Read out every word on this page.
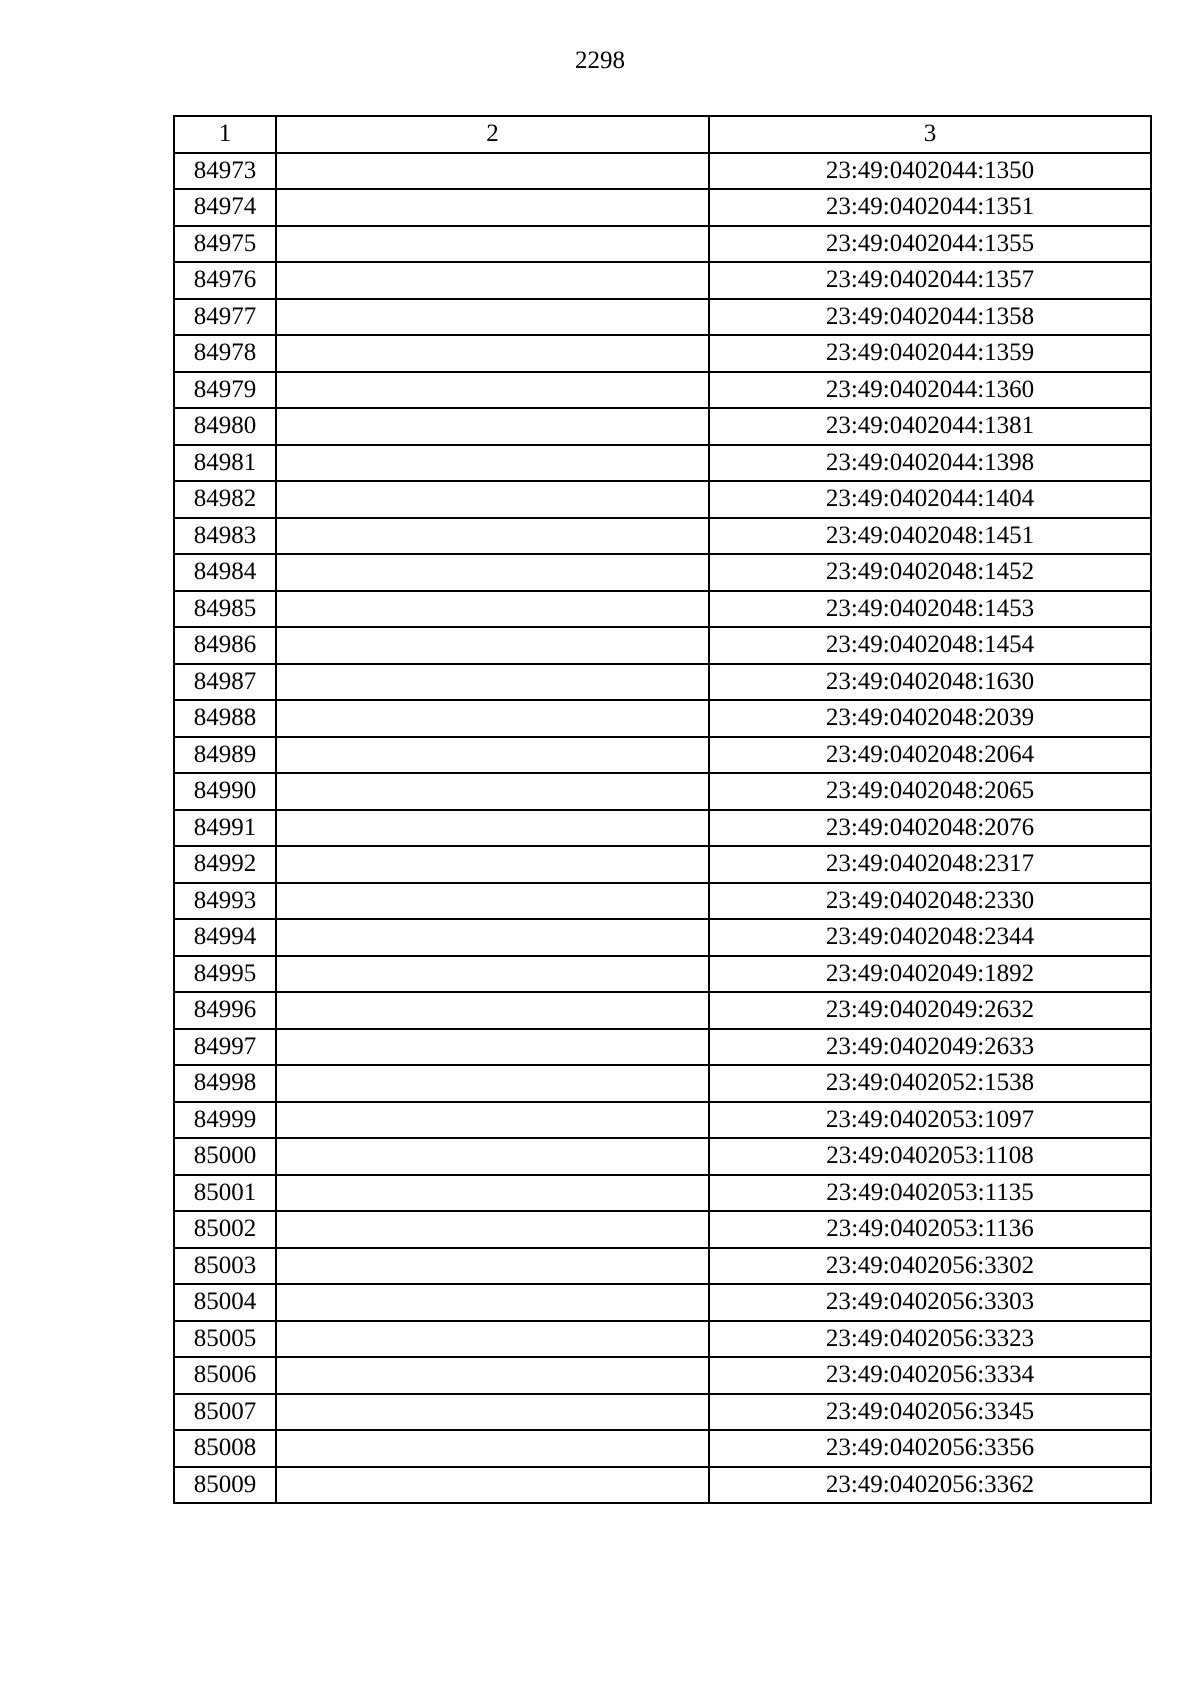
2298
1	2	3
84973		23:49:0402044:1350
84974		23:49:0402044:1351
84975		23:49:0402044:1355
84976		23:49:0402044:1357
84977		23:49:0402044:1358
84978		23:49:0402044:1359
84979		23:49:0402044:1360
84980		23:49:0402044:1381
84981		23:49:0402044:1398
84982		23:49:0402044:1404
84983		23:49:0402048:1451
84984		23:49:0402048:1452
84985		23:49:0402048:1453
84986		23:49:0402048:1454
84987		23:49:0402048:1630
84988		23:49:0402048:2039
84989		23:49:0402048:2064
84990		23:49:0402048:2065
84991		23:49:0402048:2076
84992		23:49:0402048:2317
84993		23:49:0402048:2330
84994		23:49:0402048:2344
84995		23:49:0402049:1892
84996		23:49:0402049:2632
84997		23:49:0402049:2633
84998		23:49:0402052:1538
84999		23:49:0402053:1097
85000		23:49:0402053:1108
85001		23:49:0402053:1135
85002		23:49:0402053:1136
85003		23:49:0402056:3302
85004		23:49:0402056:3303
85005		23:49:0402056:3323
85006		23:49:0402056:3334
85007		23:49:0402056:3345
85008		23:49:0402056:3356
85009		23:49:0402056:3362
